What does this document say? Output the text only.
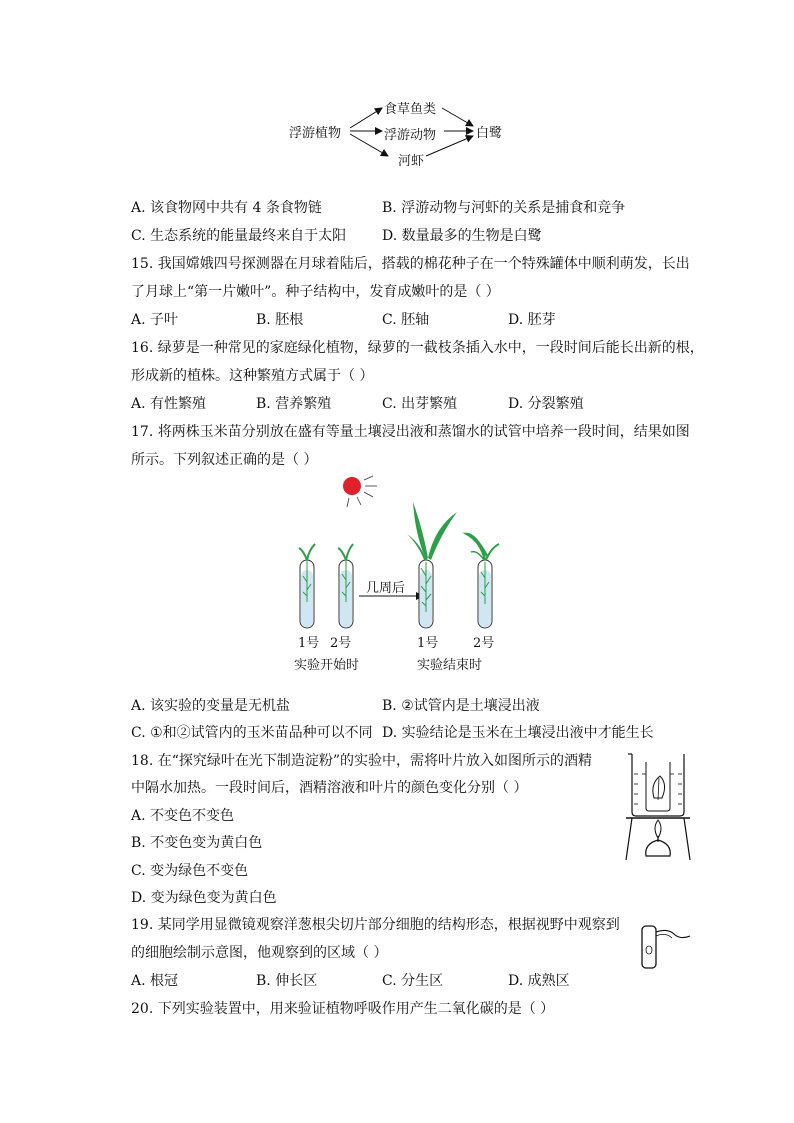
浮游植物
食草鱼类
浮游动物
河虾
白鹭
A. 该食物网中共有 4 条食物链	B. 浮游动物与河虾的关系是捕食和竞争
C. 生态系统的能量最终来自于太阳	D. 数量最多的生物是白鹭
15. 我国嫦娥四号探测器在月球着陆后，搭载的棉花种子在一个特殊罐体中顺利萌发，长出
了月球上“第一片嫩叶”。种子结构中，发育成嫩叶的是（ ）
A. 子叶	B. 胚根	C. 胚轴	D. 胚芽
16. 绿萝是一种常见的家庭绿化植物，绿萝的一截枝条插入水中，一段时间后能长出新的根，
形成新的植株。这种繁殖方式属于（ ）
A. 有性繁殖	B. 营养繁殖	C. 出芽繁殖	D. 分裂繁殖
17. 将两株玉米苗分别放在盛有等量土壤浸出液和蒸馏水的试管中培养一段时间，结果如图
所示。下列叙述正确的是（ ）
1号 2号
实验开始时
几周后
1号	2号
实验结束时
A. 该实验的变量是无机盐	B. ②试管内是土壤浸出液
C. ①和②试管内的玉米苗品种可以不同 D. 实验结论是玉米在土壤浸出液中才能生长
18. 在“探究绿叶在光下制造淀粉”的实验中，需将叶片放入如图所示的酒精
中隔水加热。一段时间后，酒精溶液和叶片的颜色变化分别（ ）
A. 不变色不变色
B. 不变色变为黄白色
C. 变为绿色不变色
D. 变为绿色变为黄白色
19. 某同学用显微镜观察洋葱根尖切片部分细胞的结构形态，根据视野中观察到
的细胞绘制示意图，他观察到的区域（ ）
A. 根冠	B. 伸长区	C. 分生区	D. 成熟区
20. 下列实验装置中，用来验证植物呼吸作用产生二氧化碳的是（ ）
